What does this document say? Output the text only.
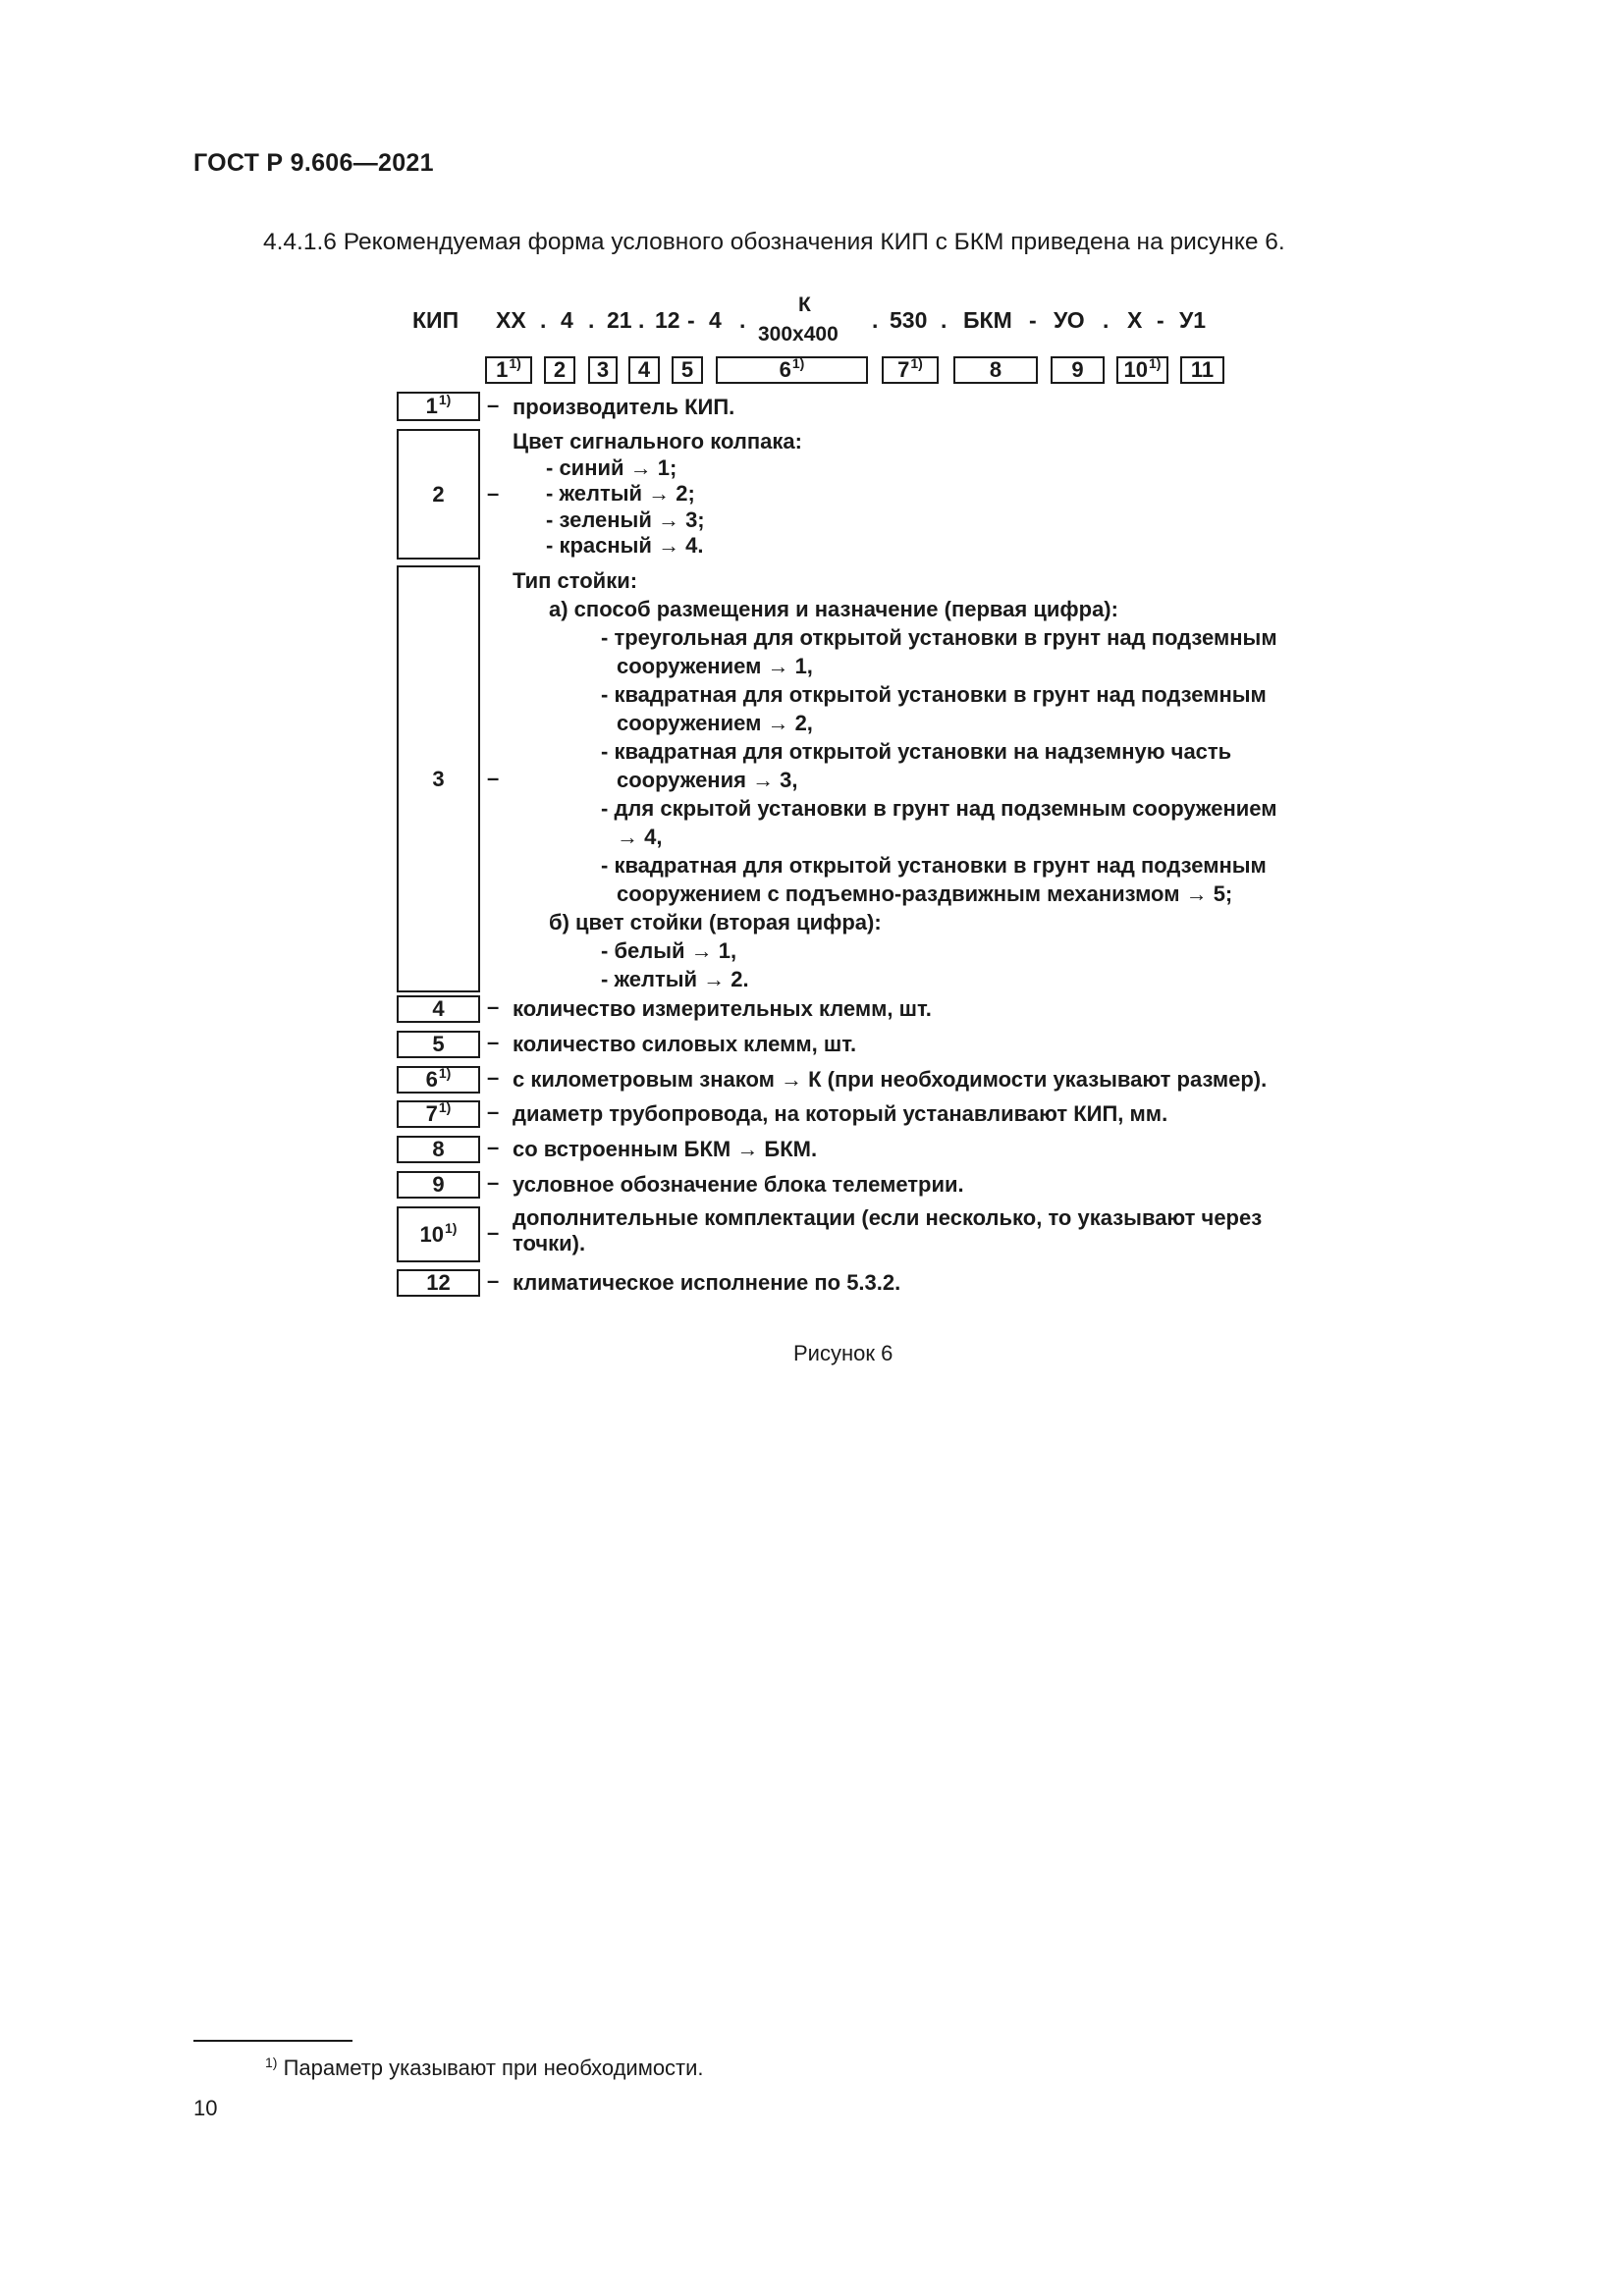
ГОСТ Р 9.606—2021
4.4.1.6 Рекомендуемая форма условного обозначения КИП с БКМ приведена на рисунке 6.
КИП ХХ . 4 . 21 . 12 - 4 .
К
300х400
. 530 . БКМ - УО . Х - У1
1$^{1)}$ 2 3 4 5	6$^{1)}$	7$^{1)}$	8	9 10$^{1)}$ 11
1$^{1)}$ – производитель КИП.
2 –
Цвет сигнального колпака:
- синий → 1;
- желтый → 2;
- зеленый → 3;
- красный → 4.
3 –
Тип стойки:
а) способ размещения и назначение (первая цифра):
- треугольная для открытой установки в грунт над подземным
сооружением → 1,
- квадратная для открытой установки в грунт над подземным
сооружением → 2,
- квадратная для открытой установки на надземную часть
сооружения → 3,
- для скрытой установки в грунт над подземным сооружением
→ 4,
- квадратная для открытой установки в грунт над подземным
сооружением с подъемно-раздвижным механизмом → 5;
б) цвет стойки (вторая цифра):
- белый → 1,
- желтый → 2.
4 – количество измерительных клемм, шт.
5 – количество силовых клемм, шт.
6$^{1)}$ – с километровым знаком → К (при необходимости указывают размер).
7$^{1)}$ – диаметр трубопровода, на который устанавливают КИП, мм.
8 – со встроенным БКМ → БКМ.
9 – условное обозначение блока телеметрии.
10$^{1)}$ –
дополнительные комплектации (если несколько, то указывают через
точки).
12 – климатическое исполнение по 5.3.2.
Рисунок 6
$^{1)}$ Параметр указывают при необходимости.
10
